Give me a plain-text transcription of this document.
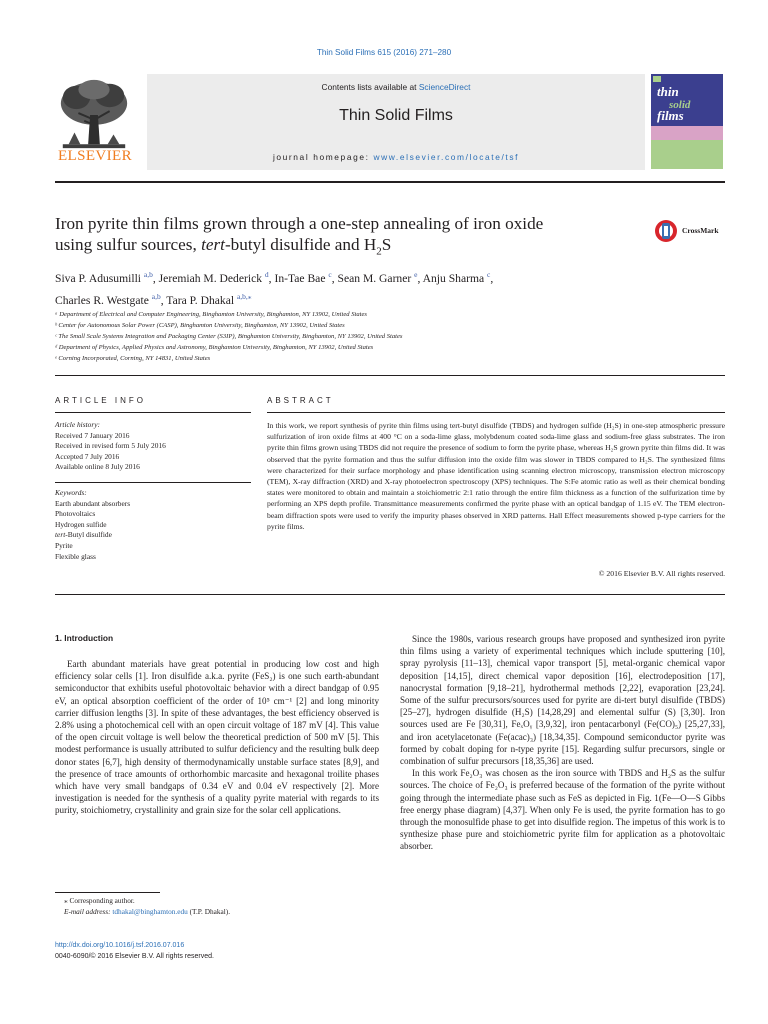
Thin Solid Films 615 (2016) 271–280
ELSEVIER
Contents lists available at ScienceDirect
Thin Solid Films
journal homepage: www.elsevier.com/locate/tsf
thin
solid
films
Iron pyrite thin films grown through a one-step annealing of iron oxide
using sulfur sources, tert-butyl disulfide and $H_2S$
CrossMark
Siva P. Adusumilli $^{a,b}$, Jeremiah M. Dederick $^d$, In-Tae Bae $^c$, Sean M. Garner $^e$, Anju Sharma $^c$,
Charles R. Westgate $^{a,b}$, Tara P. Dhakal $^{a,b,⁎}$
ᵃ Department of Electrical and Computer Engineering, Binghamton University, Binghamton, NY 13902, United States
ᵇ Center for Autonomous Solar Power (CASP), Binghamton University, Binghamton, NY 13902, United States
ᶜ The Small Scale Systems Integration and Packaging Center (S3IP), Binghamton University, Binghamton, NY 13902, United States
ᵈ Department of Physics, Applied Physics and Astronomy, Binghamton University, Binghamton, NY 13902, United States
ᵉ Corning Incorporated, Corning, NY 14831, United States
ARTICLE INFO	ABSTRACT
Article history:
Received 7 January 2016
Received in revised form 5 July 2016
Accepted 7 July 2016
Available online 8 July 2016
Keywords:
Earth abundant absorbers
Photovoltaics
Hydrogen sulfide
tert-Butyl disulfide
Pyrite
Flexible glass
In this work, we report synthesis of pyrite thin films using tert-butyl disulfide (TBDS) and hydrogen sulfide (H₂S) in one-step atmospheric pressure sulfurization of iron oxide films at 400 °C on a soda-lime glass, molybdenum coated soda-lime glass and sodium-free glass substrates. The iron pyrite thin films grown using TBDS did not require the presence of sodium to form the pyrite phase, whereas H₂S grown pyrite thin films did. It was observed that the pyrite formation and thus the sulfur diffusion into the oxide film was slower in TBDS compared to H₂S. The synthesized films were characterized for their surface morphology and phase identification using scanning electron microscopy, transmission electron microscopy (TEM), X-ray diffraction (XRD) and X-ray photoelectron spectroscopy (XPS) techniques. The S:Fe atomic ratio as well as their chemical bonding states were monitored to obtain and maintain a stoichiometric 2:1 ratio through the entire film thickness as a function of the sulfurization time by performing an XPS depth profile. Transmittance measurements confirmed the pyrite phase with an optical bandgap of 1.15 eV. The TEM electron-beam diffraction spots were used to verify the impurity phases observed in XRD patterns. Hall Effect measurements showed p-type carriers for the pyrite films.
© 2016 Elsevier B.V. All rights reserved.
1. Introduction

Earth abundant materials have great potential in producing low cost and high efficiency solar cells [1]. Iron disulfide a.k.a. pyrite (FeS₂) is one such earth-abundant semiconductor that exhibits useful photovoltaic behavior with a direct bandgap of 0.95 eV, an optical absorption coefficient of the order of 10⁵ cm⁻¹ [2] and long minority carrier diffusion lengths [3]. In spite of these advantages, the best efficiency observed is 2.8% using a photochemical cell with an open circuit voltage of 187 mV [4]. This value of the open circuit voltage is well below the theoretical prediction of 500 mV [5]. This modest performance is usually attributed to sulfur deficiency and the resulting bulk deep donor states [6,7], high density of thermodynamically unstable surface states [8,9], and the presence of trace amounts of orthorhombic marcasite and hexagonal troilite phases which have very small bandgaps of 0.34 eV and 0.04 eV respectively [2]. More investigation is needed for the synthesis of a quality pyrite material with regards to its purity, stoichiometry, crystallinity and grain size for the solar cell applications.

Since the 1980s, various research groups have proposed and synthesized iron pyrite thin films using a variety of experimental techniques which include sputtering [10], spray pyrolysis [11–13], chemical vapor transport [5], metal-organic chemical vapor deposition [14,15], direct chemical vapor deposition [16], electrodeposition [17], nanocrystal formation [9,18–21], hydrothermal methods [2,22], evaporation [23,24]. Some of the sulfur precursors/sources used for pyrite are di-tert butyl disulfide (TBDS) [25–27], hydrogen disulfide (H₂S) [14,28,29] and elemental sulfur (S) [3,30]. Iron sources used are Fe [30,31], FeₓOᵧ [3,9,32], iron pentacarbonyl (Fe(CO)₅) [25,27,33], and iron acetylacetonate (Fe(acac)₃) [18,34,35]. Compound semiconductor pyrite was formed by cobalt doping for n-type pyrite [15]. Regarding sulfur precursors, single or combination of sulfur precursors [18,35,36] are used.

In this work Fe₂O₃ was chosen as the iron source with TBDS and H₂S as the sulfur sources. The choice of Fe₂O₃ is preferred because of the formation of the pyrite without going through the intermediate phase such as FeS as depicted in Fig. 1(Fe—O—S Gibbs free energy phase diagram) [4,37]. When only Fe is used, the pyrite formation has to go through the monosulfide phase to get into disulfide region. The impetus of this work is to synthesize phase pure and stoichiometric pyrite film for application as a photovoltaic absorber.

⁎ Corresponding author.
E-mail address: tdhakal@binghamton.edu (T.P. Dhakal).
http://dx.doi.org/10.1016/j.tsf.2016.07.016
0040-6090/© 2016 Elsevier B.V. All rights reserved.
